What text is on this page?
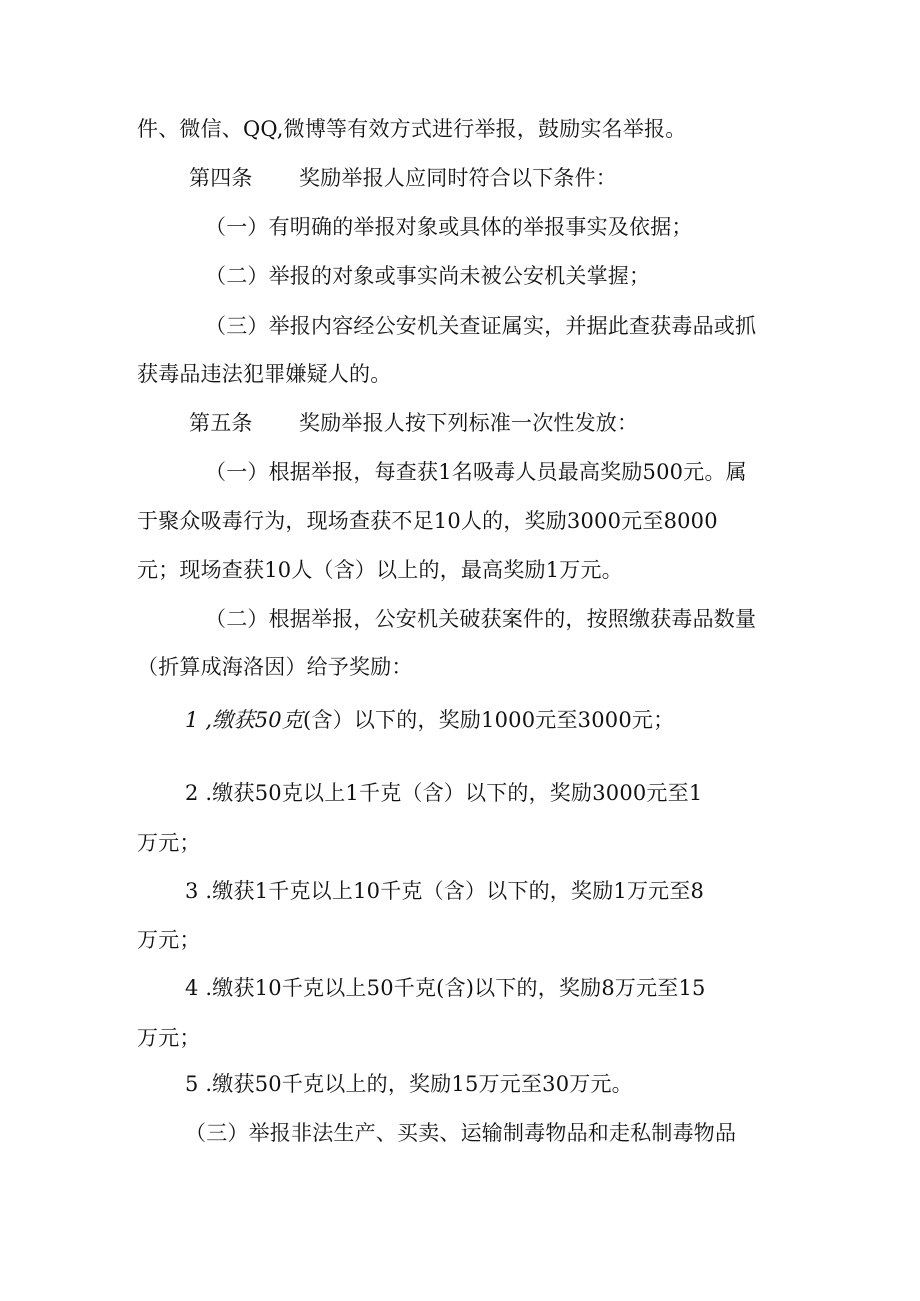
件、微信、QQ,微博等有效方式进行举报，鼓励实名举报。
第四条 奖励举报人应同时符合以下条件：
（一）有明确的举报对象或具体的举报事实及依据；
（二）举报的对象或事实尚未被公安机关掌握；
（三）举报内容经公安机关查证属实，并据此查获毒品或抓
获毒品违法犯罪嫌疑人的。
第五条 奖励举报人按下列标准一次性发放：
（一）根据举报，每查获1名吸毒人员最高奖励500元。属
于聚众吸毒行为，现场查获不足10人的，奖励3000元至8000
元；现场查获10人（含）以上的，最高奖励1万元。
（二）根据举报，公安机关破获案件的，按照缴获毒品数量
（折算成海洛因）给予奖励：
1 ,缴获50克(含）以下的，奖励1000元至3000元；
2 .缴获50克以上1千克（含）以下的，奖励3000元至1
万元；
3 .缴获1千克以上10千克（含）以下的，奖励1万元至8
万元；
4 .缴获10千克以上50千克(含)以下的，奖励8万元至15
万元；
5 .缴获50千克以上的，奖励15万元至30万元。
（三）举报非法生产、买卖、运输制毒物品和走私制毒物品
